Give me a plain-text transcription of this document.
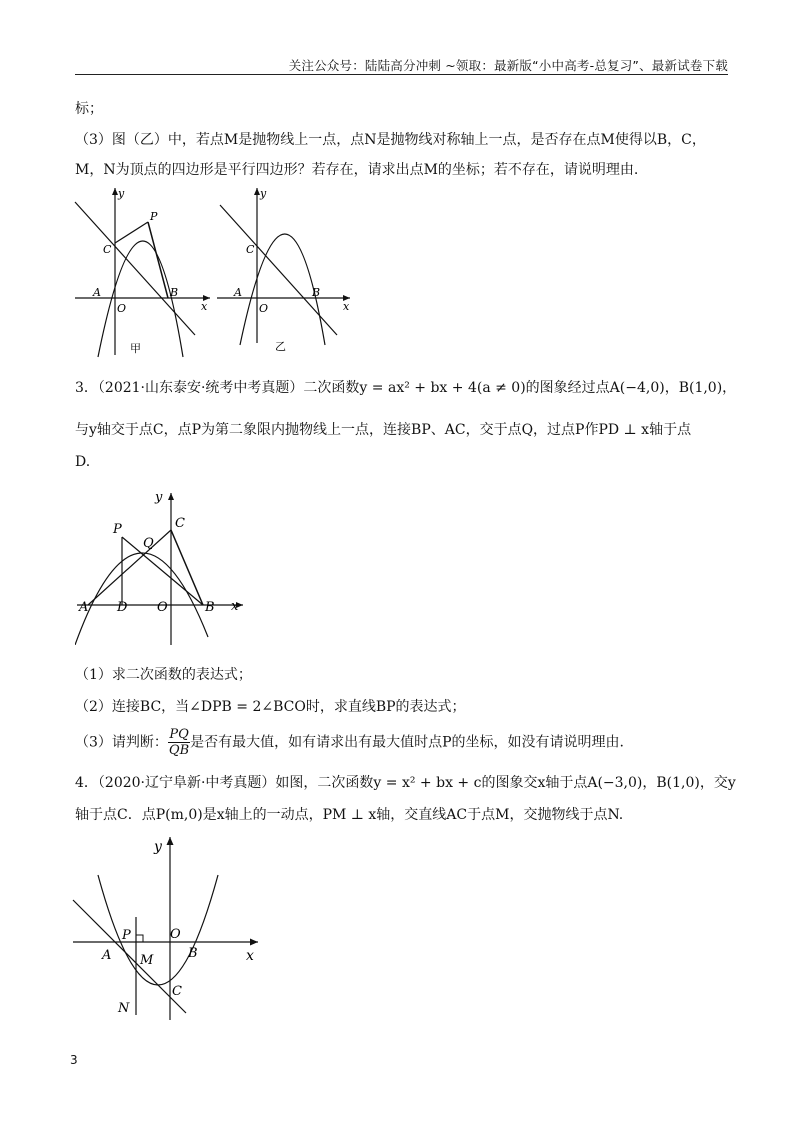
关注公众号：陆陆高分冲刺 ~领取：最新版“小中高考-总复习”、最新试卷下载
标；
（3）图（乙）中，若点M是抛物线上一点，点N是抛物线对称轴上一点，是否存在点M使得以B，C，
M，N为顶点的四边形是平行四边形？若存在，请求出点M的坐标；若不存在，请说明理由.
y
P
C
A
O
B
x
甲
y
C
A
O
B
x
乙
3．（2021·山东泰安·统考中考真题）二次函数y = ax² + bx + 4(a ≠ 0)的图象经过点A(−4,0)，B(1,0)，
与y轴交于点C，点P为第二象限内抛物线上一点，连接BP、AC，交于点Q，过点P作PD ⊥ x轴于点
D.
y
P	C
Q
A D O	B x
（1）求二次函数的表达式；
（2）连接BC，当∠DPB = 2∠BCO时，求直线BP的表达式；
（3）请判断： $\frac{PQ}{QB}$ 是否有最大值，如有请求出有最大值时点P的坐标，如没有请说明理由.
4．（2020·辽宁阜新·中考真题）如图，二次函数y = x² + bx + c的图象交x轴于点A(−3,0)，B(1,0)，交y
轴于点C．点P(m,0)是x轴上的一动点，PM ⊥ x轴，交直线AC于点M，交抛物线于点N.
y
P	O
B	x
A M
C
N
3
